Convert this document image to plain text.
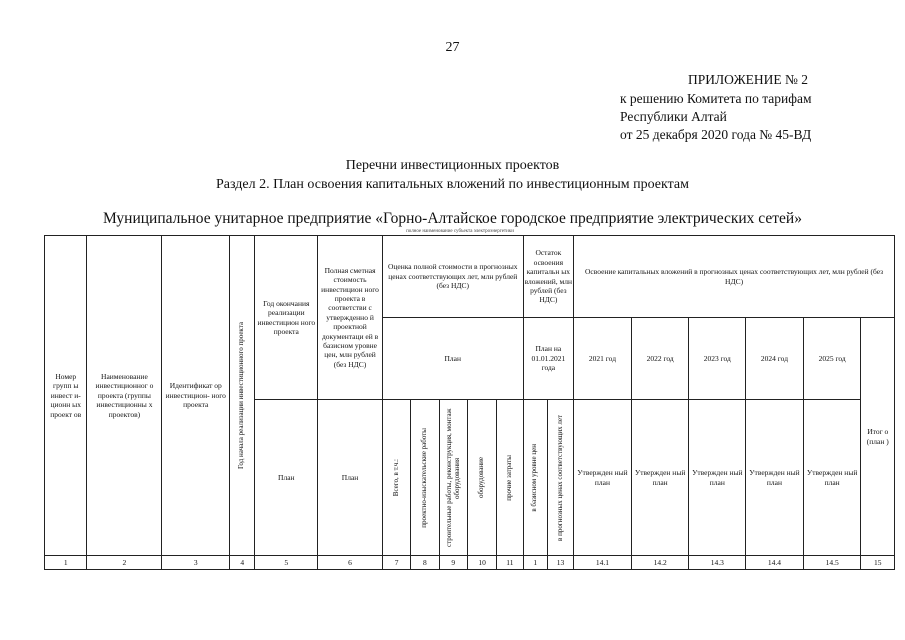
27
ПРИЛОЖЕНИЕ № 2
к решению Комитета по тарифам
Республики Алтай
от 25 декабря 2020 года № 45-ВД
Перечни инвестиционных проектов
Раздел 2. План освоения капитальных вложений по инвестиционным проектам
Муниципальное унитарное предприятие «Горно-Алтайское городское предприятие электрических сетей»
полное наименование субъекта электроэнергетики
Номер групп ы инвест и- ционн ых проект ов	Наименование инвестиционног о проекта (группы инвестиционны х проектов)	Идентификат ор инвестицион- ного проекта	Год начала реализации инвестиционного проекта	Год окончания реализации инвестицион ного проекта	Полная сметная стоимость инвестицион ного проекта в соответстви с утвержденно й проектной документаци ей в базисном уровне цен, млн рублей (без НДС)	Оценка полной стоимости в прогнозных ценах соответствующих лет, млн рублей (без НДС)					Остаток освоения капитальн ых вложений, млн рублей (без НДС)		Освоение капитальных вложений в прогнозных ценах соответствующих лет, млн рублей (без НДС)					
						План					План на 01.01.2021 года		2021 год	2022 год	2023 год	2024 год	2025 год	Итог о (план )
				План	План	Всего, в т.ч.:	проектно-изыскательские работы	строительные работы, реконструкция, монтаж оборудования	оборудование	прочие затраты	в базисном уровне цен	в прогнозных ценах соответствующих лет	Утвержден ный план	Утвержден ный план	Утвержден ный план	Утвержден ный план	Утвержден ный план	
1	2	3	4	5	6	7	8	9	10	11	1	13	14.1	14.2	14.3	14.4	14.5	15
